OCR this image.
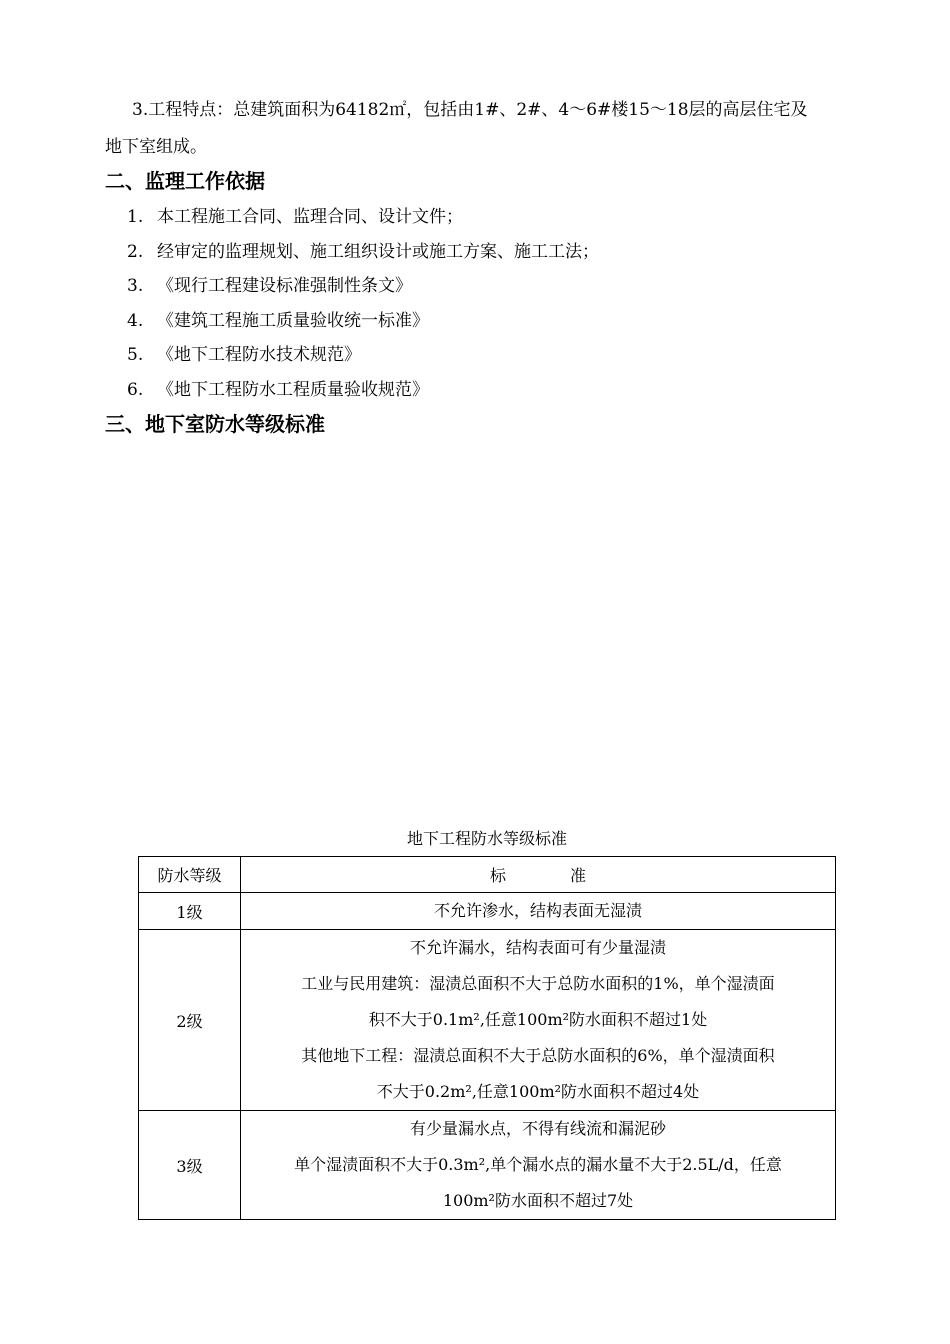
3.工程特点：总建筑面积为64182㎡，包括由1#、2#、4～6#楼15～18层的高层住宅及
地下室组成。
二、监理工作依据
1. 本工程施工合同、监理合同、设计文件；
2. 经审定的监理规划、施工组织设计或施工方案、施工工法；
3. 《现行工程建设标准强制性条文》
4. 《建筑工程施工质量验收统一标准》
5. 《地下工程防水技术规范》
6. 《地下工程防水工程质量验收规范》
三、地下室防水等级标准
地下工程防水等级标准
防水等级	标　　　　准
1级	不允许渗水，结构表面无湿渍

2级	不允许漏水，结构表面可有少量湿渍
工业与民用建筑：湿渍总面积不大于总防水面积的1%，单个湿渍面
积不大于0.1m²,任意100m²防水面积不超过1处
其他地下工程：湿渍总面积不大于总防水面积的6%，单个湿渍面积
不大于0.2m²,任意100m²防水面积不超过4处

3级	有少量漏水点，不得有线流和漏泥砂
单个湿渍面积不大于0.3m²,单个漏水点的漏水量不大于2.5L/d，任意
100m²防水面积不超过7处
